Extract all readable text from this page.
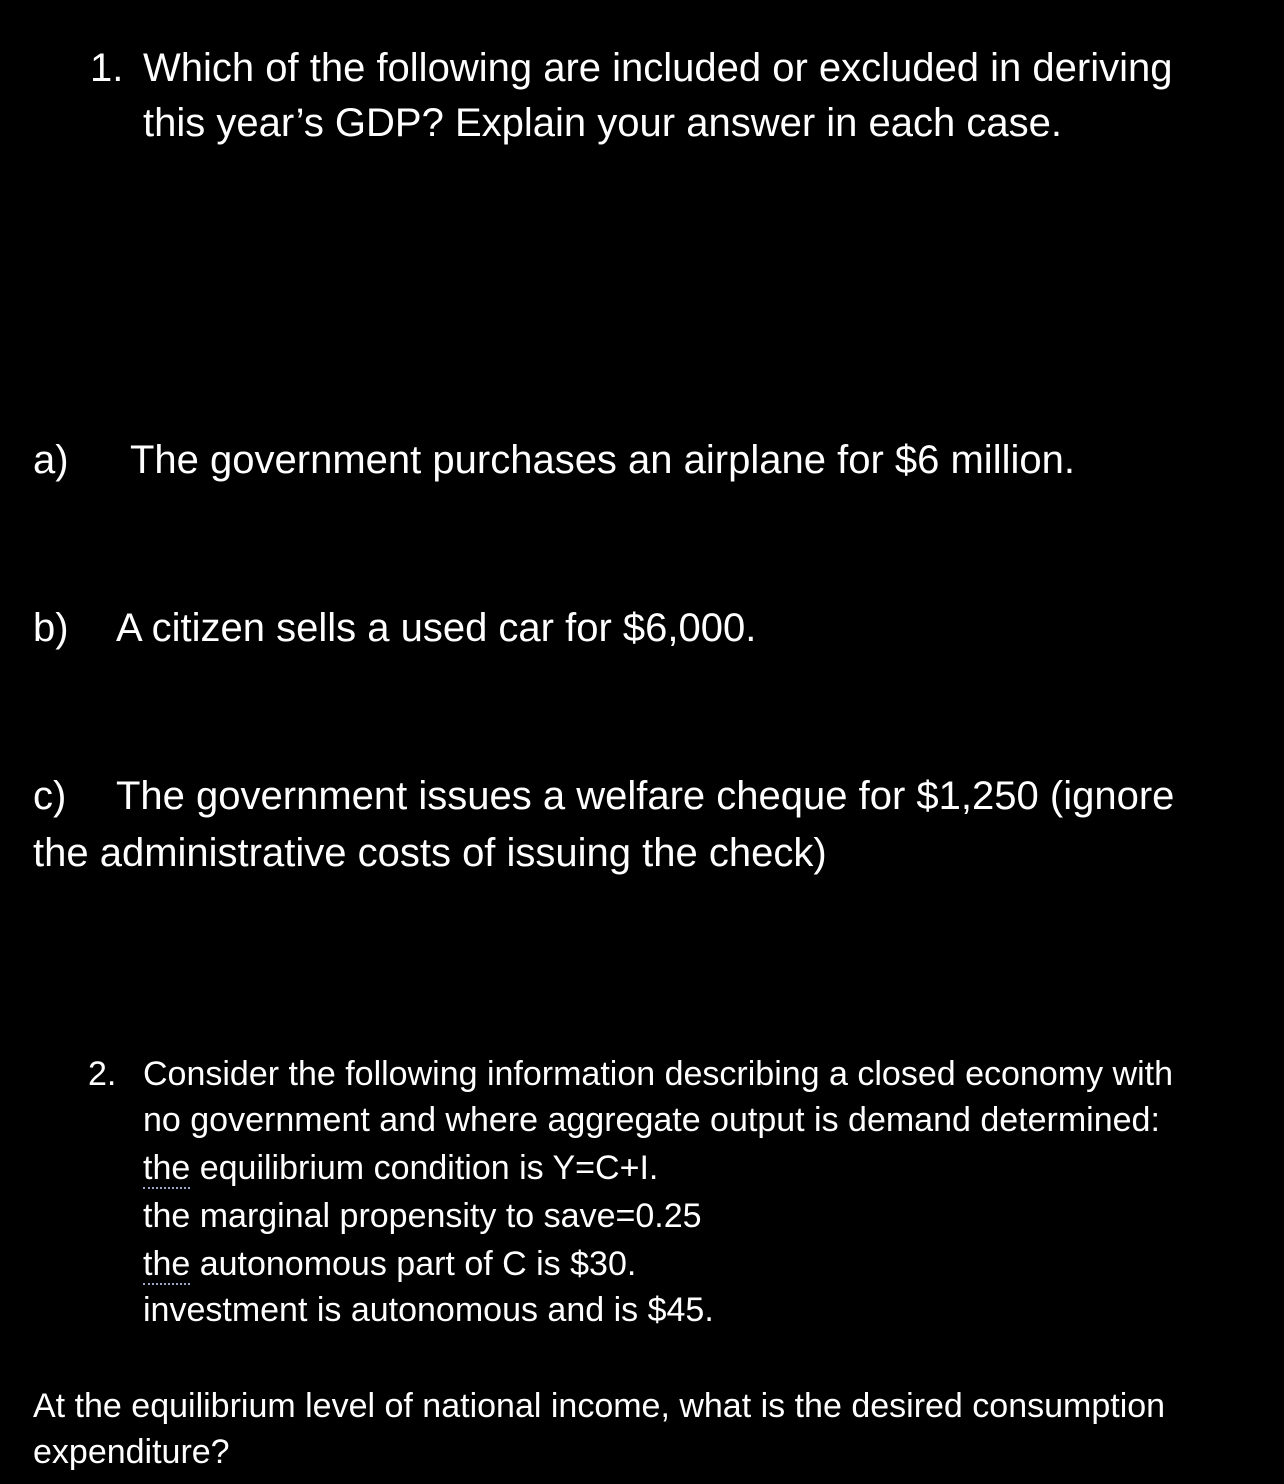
1. Which of the following are included or excluded in deriving
this year’s GDP? Explain your answer in each case.
a) The government purchases an airplane for $6 million.
b) A citizen sells a used car for $6,000.
c) The government issues a welfare cheque for $1,250 (ignore
the administrative costs of issuing the check)
2. Consider the following information describing a closed economy with
no government and where aggregate output is demand determined:
the equilibrium condition is Y=C+I.
the marginal propensity to save=0.25
the autonomous part of C is $30.
investment is autonomous and is $45.
At the equilibrium level of national income, what is the desired consumption
expenditure?
